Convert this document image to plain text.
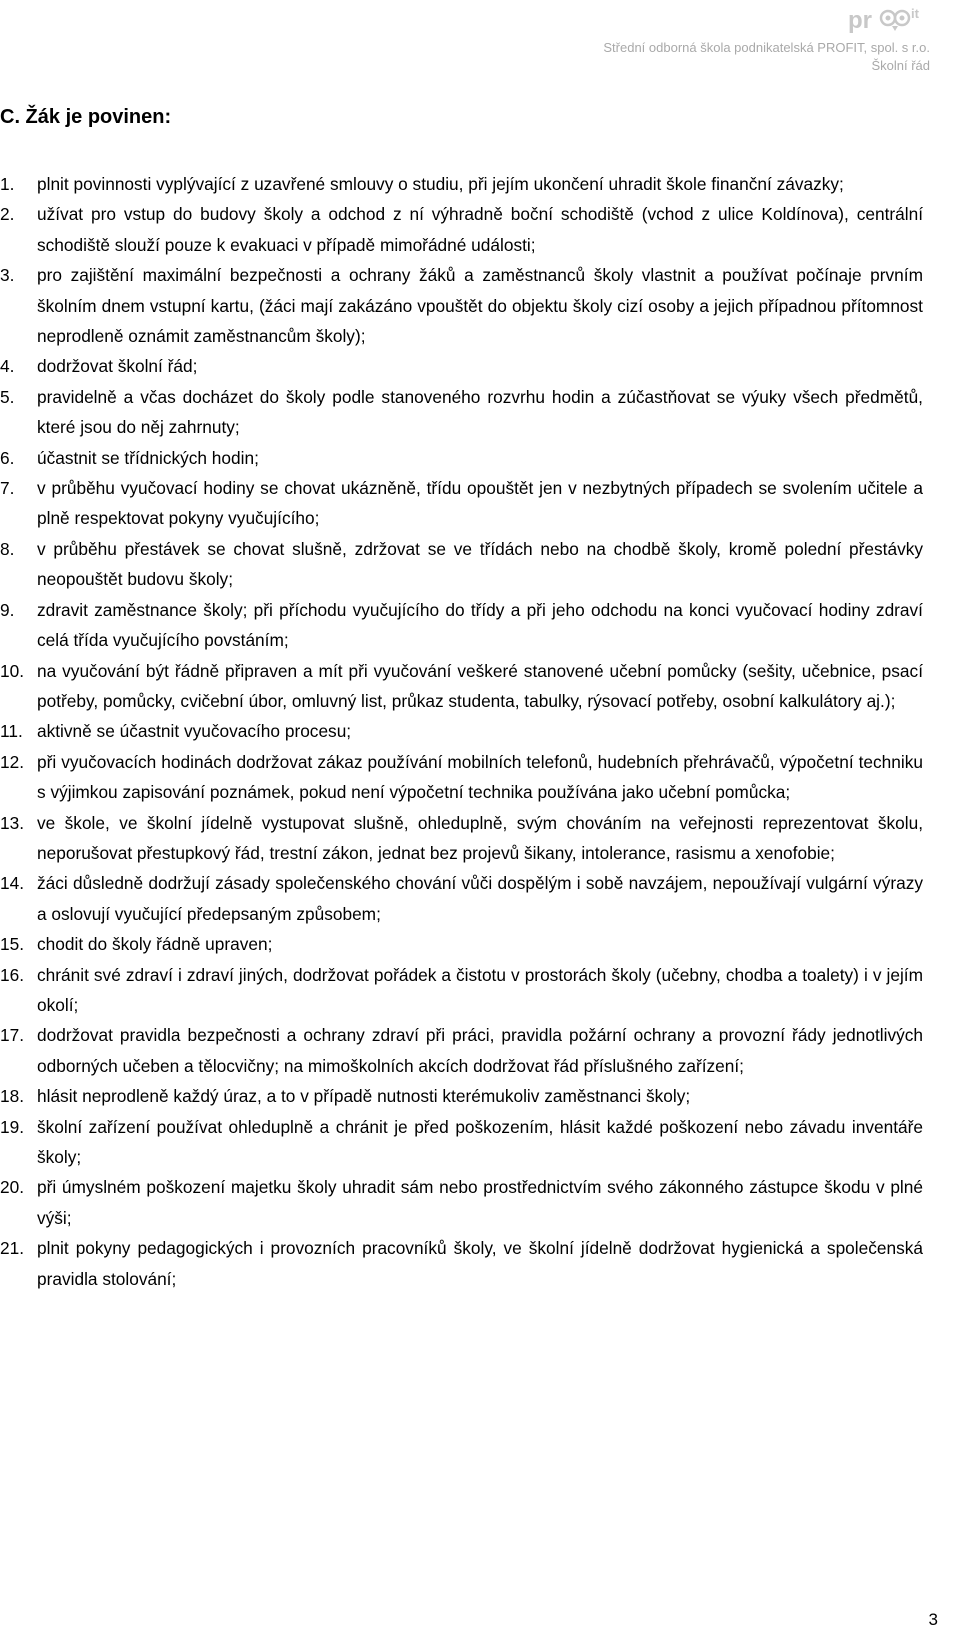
pr	it
Střední odborná škola podnikatelská PROFIT, spol. s r.o.
Školní řád
C. Žák je povinen:
1. plnit povinnosti vyplývající z uzavřené smlouvy o studiu, při jejím ukončení uhradit škole finanční závazky;
2. užívat pro vstup do budovy školy a odchod z ní výhradně boční schodiště (vchod z ulice Koldínova), centrální schodiště slouží pouze k evakuaci v případě mimořádné události;
3. pro zajištění maximální bezpečnosti a ochrany žáků a zaměstnanců školy vlastnit a používat počínaje prvním školním dnem vstupní kartu, (žáci mají zakázáno vpouštět do objektu školy cizí osoby a jejich případnou přítomnost neprodleně oznámit zaměstnancům školy);
4. dodržovat školní řád;
5. pravidelně a včas docházet do školy podle stanoveného rozvrhu hodin a zúčastňovat se výuky všech předmětů, které jsou do něj zahrnuty;
6. účastnit se třídnických hodin;
7. v průběhu vyučovací hodiny se chovat ukázněně, třídu opouštět jen v nezbytných případech se svolením učitele a plně respektovat pokyny vyučujícího;
8. v průběhu přestávek se chovat slušně, zdržovat se ve třídách nebo na chodbě školy, kromě polední přestávky neopouštět budovu školy;
9. zdravit zaměstnance školy; při příchodu vyučujícího do třídy a při jeho odchodu na konci vyučovací hodiny zdraví celá třída vyučujícího povstáním;
10. na vyučování být řádně připraven a mít při vyučování veškeré stanovené učební pomůcky (sešity, učebnice, psací potřeby, pomůcky, cvičební úbor, omluvný list, průkaz studenta, tabulky, rýsovací potřeby, osobní kalkulátory aj.);
11. aktivně se účastnit vyučovacího procesu;
12. při vyučovacích hodinách dodržovat zákaz používání mobilních telefonů, hudebních přehrávačů, výpočetní techniku s výjimkou zapisování poznámek, pokud není výpočetní technika používána jako učební pomůcka;
13. ve škole, ve školní jídelně vystupovat slušně, ohleduplně, svým chováním na veřejnosti reprezentovat školu, neporušovat přestupkový řád, trestní zákon, jednat bez projevů šikany, intolerance, rasismu a xenofobie;
14. žáci důsledně dodržují zásady společenského chování vůči dospělým i sobě navzájem, nepoužívají vulgární výrazy a oslovují vyučující předepsaným způsobem;
15. chodit do školy řádně upraven;
16. chránit své zdraví i zdraví jiných, dodržovat pořádek a čistotu v prostorách školy (učebny, chodba a toalety) i v jejím okolí;
17. dodržovat pravidla bezpečnosti a ochrany zdraví při práci, pravidla požární ochrany a provozní řády jednotlivých odborných učeben a tělocvičny; na mimoškolních akcích dodržovat řád příslušného zařízení;
18. hlásit neprodleně každý úraz, a to v případě nutnosti kterémukoliv zaměstnanci školy;
19. školní zařízení používat ohleduplně a chránit je před poškozením, hlásit každé poškození nebo závadu inventáře školy;
20. při úmyslném poškození majetku školy uhradit sám nebo prostřednictvím svého zákonného zástupce škodu v plné výši;
21. plnit pokyny pedagogických i provozních pracovníků školy, ve školní jídelně dodržovat hygienická a společenská pravidla stolování;
3
